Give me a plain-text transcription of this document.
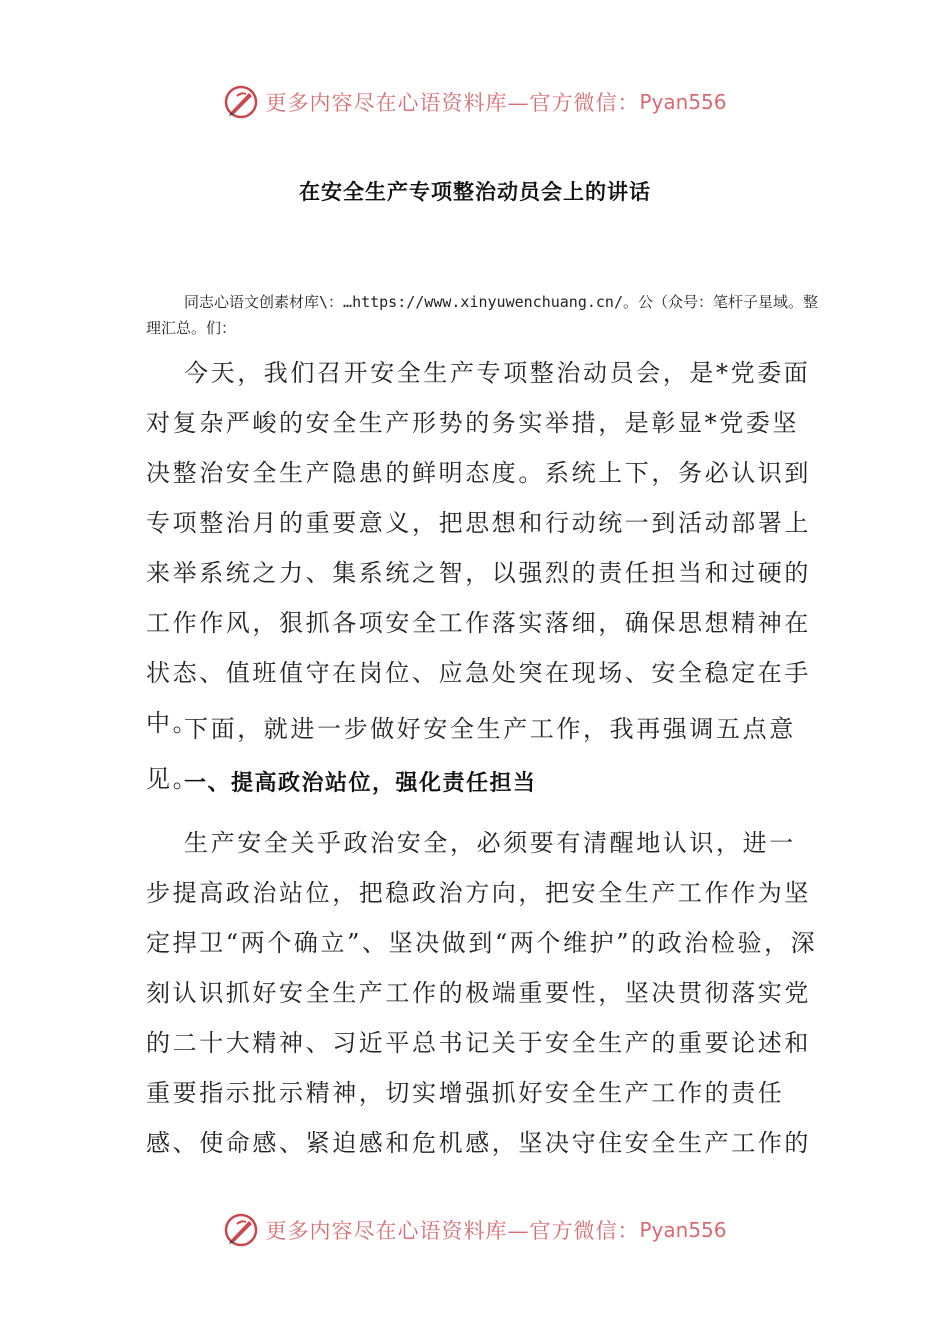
更多内容尽在心语资料库—官方微信： Pyan556
在安全生产专项整治动员会上的讲话
同志心语文创素材库\：…https://www.xinyuwenchuang.cn/。公（众号：笔杆子星域。整理汇总。们：
今天，我们召开安全生产专项整治动员会，是*党委面对复杂严峻的安全生产形势的务实举措，是彰显*党委坚决整治安全生产隐患的鲜明态度。系统上下，务必认识到专项整治月的重要意义，把思想和行动统一到活动部署上来举系统之力、集系统之智，以强烈的责任担当和过硬的工作作风，狠抓各项安全工作落实落细，确保思想精神在状态、值班值守在岗位、应急处突在现场、安全稳定在手中。
下面，就进一步做好安全生产工作，我再强调五点意见。
一、提高政治站位，强化责任担当
生产安全关乎政治安全，必须要有清醒地认识，进一步提高政治站位，把稳政治方向，把安全生产工作作为坚定捍卫“两个确立”、坚决做到“两个维护”的政治检验，深刻认识抓好安全生产工作的极端重要性，坚决贯彻落实党的二十大精神、习近平总书记关于安全生产的重要论述和重要指示批示精神，切实增强抓好安全生产工作的责任感、使命感、紧迫感和危机感，坚决守住安全生产工作的
更多内容尽在心语资料库—官方微信： Pyan556
